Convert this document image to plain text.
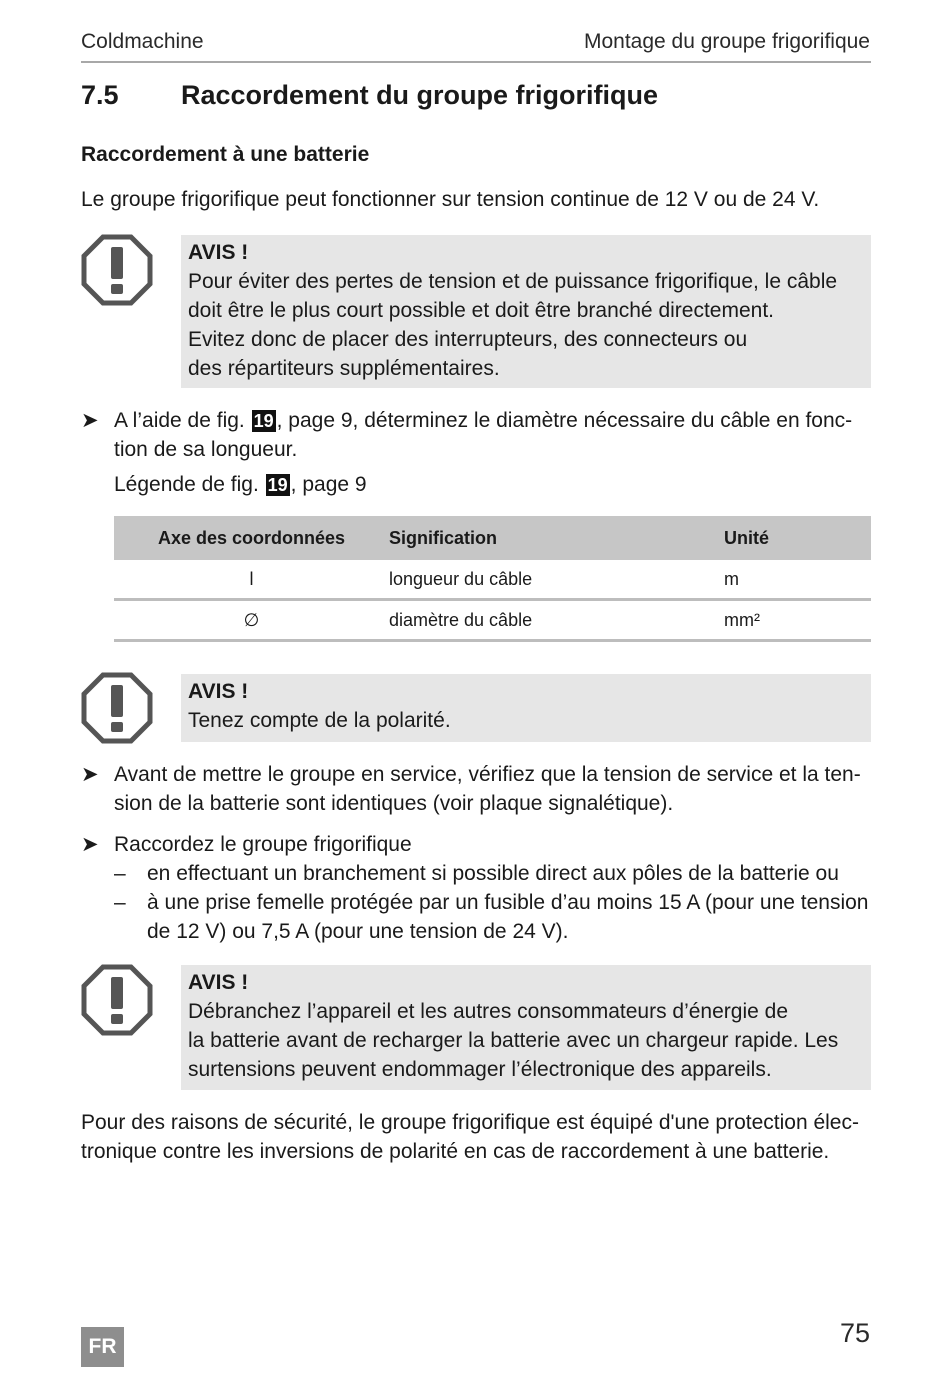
Coldmachine	Montage du groupe frigorifique
7.5 Raccordement du groupe frigorifique
Raccordement à une batterie
Le groupe frigorifique peut fonctionner sur tension continue de 12 V ou de 24 V.
AVIS !
Pour éviter des pertes de tension et de puissance frigorifique, le câble
doit être le plus court possible et doit être branché directement.
Evitez donc de placer des interrupteurs, des connecteurs ou
des répartiteurs supplémentaires.
➤ A l’aide de fig. 19 , page 9, déterminez le diamètre nécessaire du câble en fonc-
tion de sa longueur.
Légende de fig. 19 , page 9
Axe des coordonnées	Signification	Unité
l	longueur du câble	m
∅	diamètre du câble	mm²
AVIS !
Tenez compte de la polarité.
➤ Avant de mettre le groupe en service, vérifiez que la tension de service et la ten-
sion de la batterie sont identiques (voir plaque signalétique).
➤ Raccordez le groupe frigorifique
– en effectuant un branchement si possible direct aux pôles de la batterie ou
– à une prise femelle protégée par un fusible d’au moins 15 A (pour une tension
de 12 V) ou 7,5 A (pour une tension de 24 V).
AVIS !
Débranchez l’appareil et les autres consommateurs d’énergie de
la batterie avant de recharger la batterie avec un chargeur rapide. Les
surtensions peuvent endommager l’électronique des appareils.
Pour des raisons de sécurité, le groupe frigorifique est équipé d'une protection élec-
tronique contre les inversions de polarité en cas de raccordement à une batterie.
FR	75
